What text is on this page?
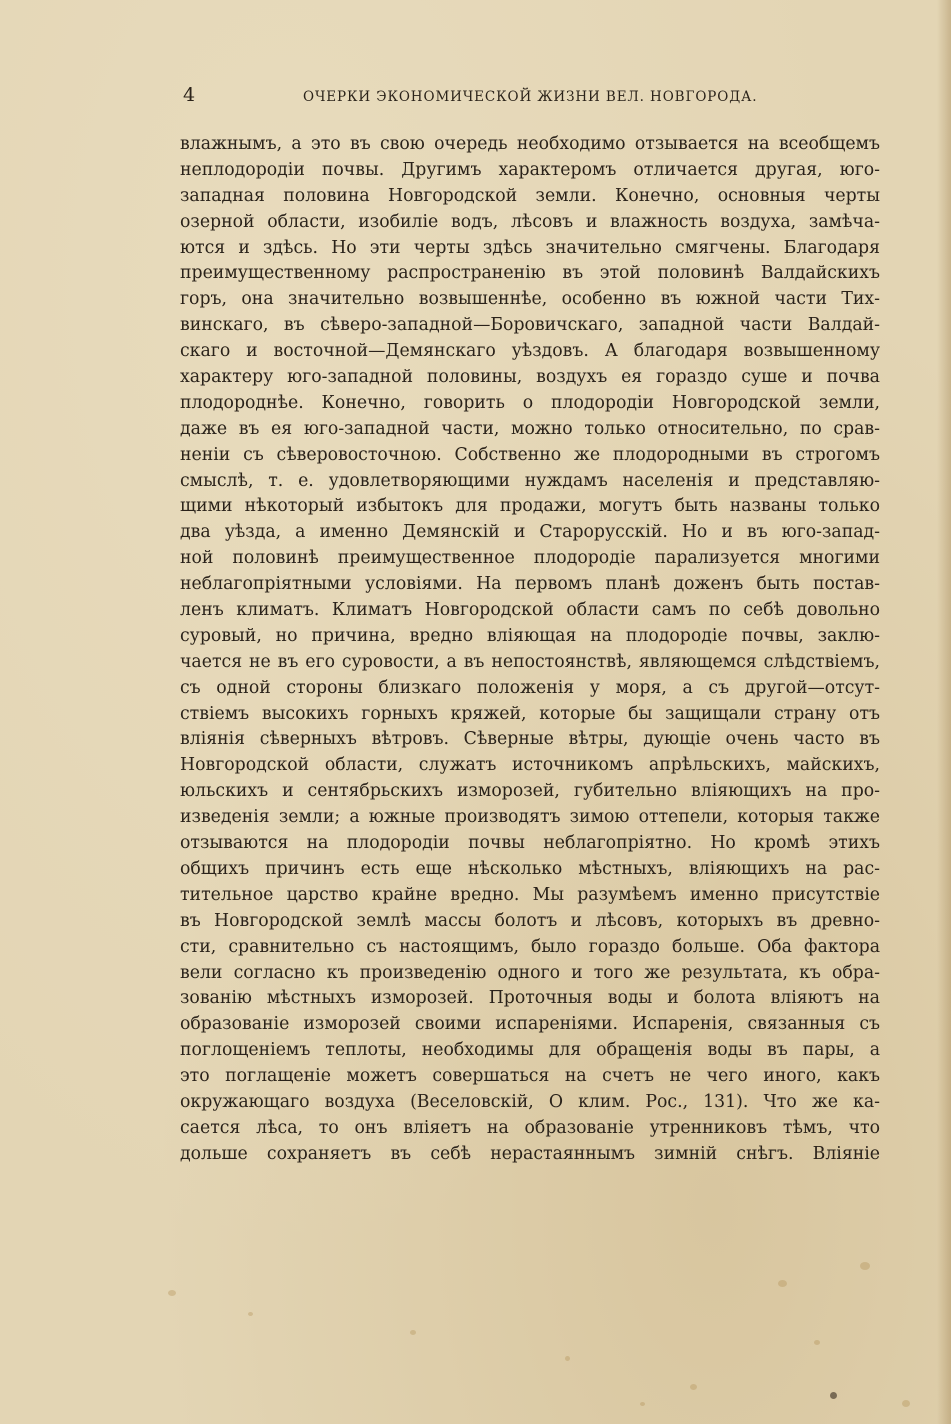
4	ОЧЕРКИ ЭКОНОМИЧЕСКОЙ ЖИЗНИ ВЕЛ. НОВГОРОДА.
влажнымъ, а это въ свою очередь необходимо отзывается на всеобщемъ
неплодородiи почвы. Другимъ характеромъ отличается другая, юго-
западная половина Новгородской земли. Конечно, основныя черты
озерной области, изобилiе водъ, лѣсовъ и влажность воздуха, замѣча-
ются и здѣсь. Но эти черты здѣсь значительно смягчены. Благодаря
преимущественному распространенiю въ этой половинѣ Валдайскихъ
горъ, она значительно возвышеннѣе, особенно въ южной части Тих-
винскаго, въ сѣверо-западной—Боровичскаго, западной части Валдай-
скаго и восточной—Демянскаго уѣздовъ. А благодаря возвышенному
характеру юго-западной половины, воздухъ ея гораздо суше и почва
плодороднѣе. Конечно, говорить о плодородiи Новгородской земли,
даже въ ея юго-западной части, можно только относительно, по срав-
ненiи съ сѣверовосточною. Собственно же плодородными въ строгомъ
смыслѣ, т. е. удовлетворяющими нуждамъ населенiя и представляю-
щими нѣкоторый избытокъ для продажи, могутъ быть названы только
два уѣзда, а именно Демянскiй и Старорусскiй. Но и въ юго-запад-
ной половинѣ преимущественное плодородiе парализуется многими
неблагопрiятными условiями. На первомъ планѣ доженъ быть постав-
ленъ климатъ. Климатъ Новгородской области самъ по себѣ довольно
суровый, но причина, вредно влiяющая на плодородiе почвы, заклю-
чается не въ его суровости, а въ непостоянствѣ, являющемся слѣдствiемъ,
съ одной стороны близкаго положенiя у моря, а съ другой—отсут-
ствiемъ высокихъ горныхъ кряжей, которые бы защищали страну отъ
влiянiя сѣверныхъ вѣтровъ. Сѣверные вѣтры, дующiе очень часто въ
Новгородской области, служатъ источникомъ апрѣльскихъ, майскихъ,
юльскихъ и сентябрьскихъ изморозей, губительно влiяющихъ на про-
изведенiя земли; а южные производятъ зимою оттепели, которыя также
отзываются на плодородiи почвы неблагопрiятно. Но кромѣ этихъ
общихъ причинъ есть еще нѣсколько мѣстныхъ, влiяющихъ на рас-
тительное царство крайне вредно. Мы разумѣемъ именно присутствiе
въ Новгородской землѣ массы болотъ и лѣсовъ, которыхъ въ древно-
сти, сравнительно съ настоящимъ, было гораздо больше. Оба фактора
вели согласно къ произведенiю одного и того же результата, къ обра-
зованiю мѣстныхъ изморозей. Проточныя воды и болота влiяютъ на
образованiе изморозей своими испаренiями. Испаренiя, связанныя съ
поглощенiемъ теплоты, необходимы для обращенiя воды въ пары, а
это поглащенiе можетъ совершаться на счетъ не чего иного, какъ
окружающаго воздуха (Веселовскiй, О клим. Рос., 131). Что же ка-
сается лѣса, то онъ влiяетъ на образованiе утренниковъ тѣмъ, что
дольше сохраняетъ въ себѣ нерастаяннымъ зимнiй снѣгъ. Влiянiе
